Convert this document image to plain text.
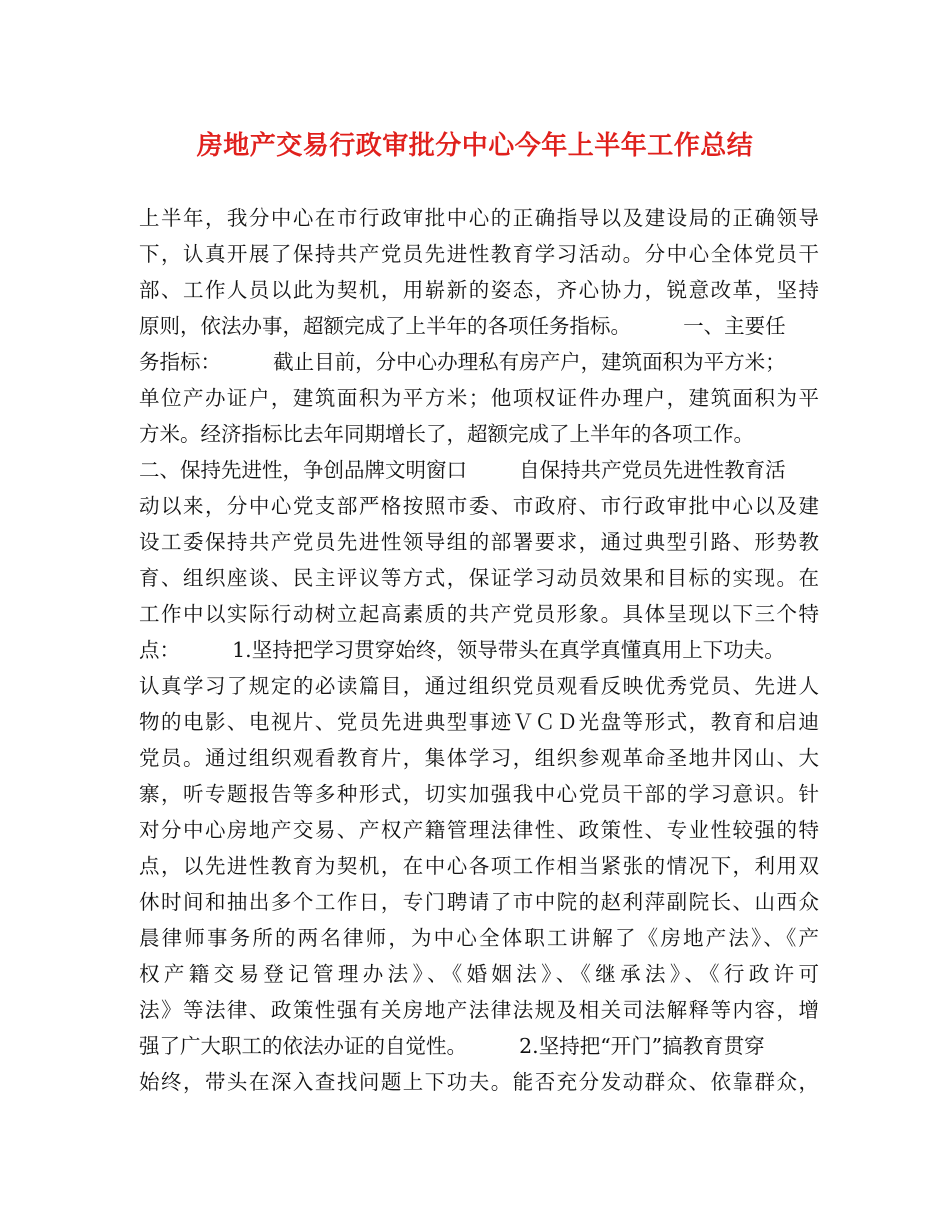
房地产交易行政审批分中心今年上半年工作总结
上半年，我分中心在市行政审批中心的正确指导以及建设局的正确领导
下，认真开展了保持共产党员先进性教育学习活动。分中心全体党员干
部、工作人员以此为契机，用崭新的姿态，齐心协力，锐意改革，坚持
原则，依法办事，超额完成了上半年的各项任务指标。        一、主要任
务指标：        截止目前，分中心办理私有房产户，建筑面积为平方米；
单位产办证户，建筑面积为平方米；他项权证件办理户，建筑面积为平
方米。经济指标比去年同期增长了，超额完成了上半年的各项工作。
二、保持先进性，争创品牌文明窗口        自保持共产党员先进性教育活
动以来，分中心党支部严格按照市委、市政府、市行政审批中心以及建
设工委保持共产党员先进性领导组的部署要求，通过典型引路、形势教
育、组织座谈、民主评议等方式，保证学习动员效果和目标的实现。在
工作中以实际行动树立起高素质的共产党员形象。具体呈现以下三个特
点：        1.坚持把学习贯穿始终，领导带头在真学真懂真用上下功夫。
认真学习了规定的必读篇目，通过组织党员观看反映优秀党员、先进人
物的电影、电视片、党员先进典型事迹ＶＣＤ光盘等形式，教育和启迪
党员。通过组织观看教育片，集体学习，组织参观革命圣地井冈山、大
寨，听专题报告等多种形式，切实加强我中心党员干部的学习意识。针
对分中心房地产交易、产权产籍管理法律性、政策性、专业性较强的特
点，以先进性教育为契机，在中心各项工作相当紧张的情况下，利用双
休时间和抽出多个工作日，专门聘请了市中院的赵利萍副院长、山西众
晨律师事务所的两名律师，为中心全体职工讲解了《房地产法》、《产
权产籍交易登记管理办法》、《婚姻法》、《继承法》、《行政许可
法》等法律、政策性强有关房地产法律法规及相关司法解释等内容，增
强了广大职工的依法办证的自觉性。        2.坚持把“开门”搞教育贯穿
始终，带头在深入查找问题上下功夫。能否充分发动群众、依靠群众，
